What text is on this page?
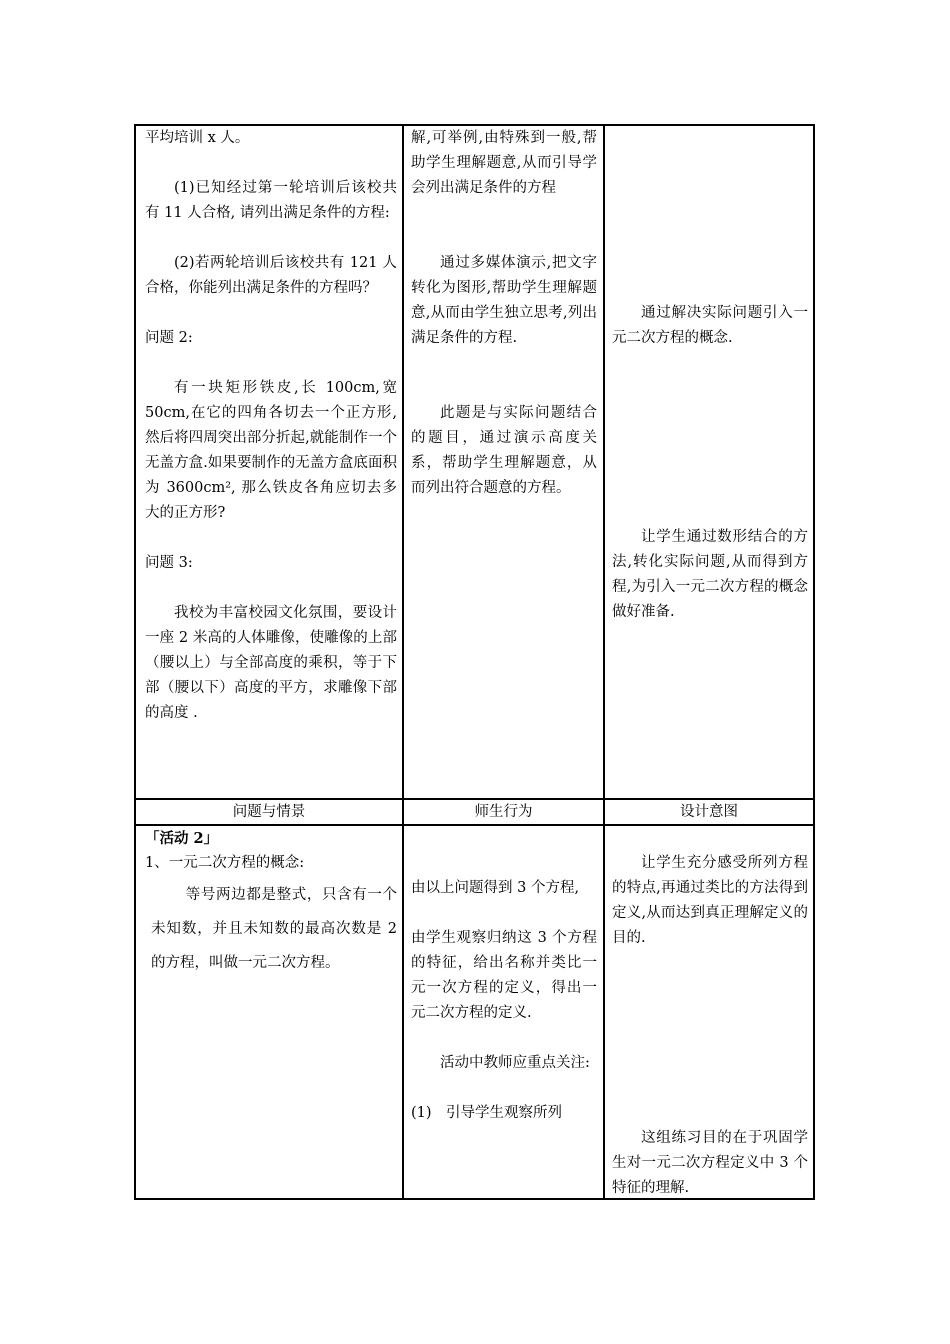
平均培训 x 人。

(1)已知经过第一轮培训后该校共有 11 人合格, 请列出满足条件的方程:

(2)若两轮培训后该校共有 121 人合格，你能列出满足条件的方程吗？

问题 2:

有一块矩形铁皮,长 100cm,宽 50cm,在它的四角各切去一个正方形,然后将四周突出部分折起,就能制作一个无盖方盒.如果要制作的无盖方盒底面积为 3600cm², 那么铁皮各角应切去多大的正方形?

问题 3:

我校为丰富校园文化氛围，要设计一座 2 米高的人体雕像，使雕像的上部（腰以上）与全部高度的乘积，等于下部（腰以下）高度的平方，求雕像下部的高度 .

解,可举例,由特殊到一般,帮助学生理解题意,从而引导学会列出满足条件的方程

通过多媒体演示,把文字转化为图形,帮助学生理解题意,从而由学生独立思考,列出满足条件的方程.

此题是与实际问题结合的题目，通过演示高度关系，帮助学生理解题意，从而列出符合题意的方程。

通过解决实际问题引入一元二次方程的概念.

让学生通过数形结合的方法,转化实际问题,从而得到方程,为引入一元二次方程的概念做好准备.

问题与情景	师生行为	设计意图

「活动 2」

1、一元二次方程的概念:

等号两边都是整式，只含有一个未知数，并且未知数的最高次数是 2 的方程，叫做一元二次方程。

由以上问题得到 3 个方程,

由学生观察归纳这 3 个方程的特征，给出名称并类比一元一次方程的定义，得出一元二次方程的定义.

活动中教师应重点关注:

(1)　引导学生观察所列

让学生充分感受所列方程的特点,再通过类比的方法得到定义,从而达到真正理解定义的目的.

这组练习目的在于巩固学生对一元二次方程定义中 3 个特征的理解.
